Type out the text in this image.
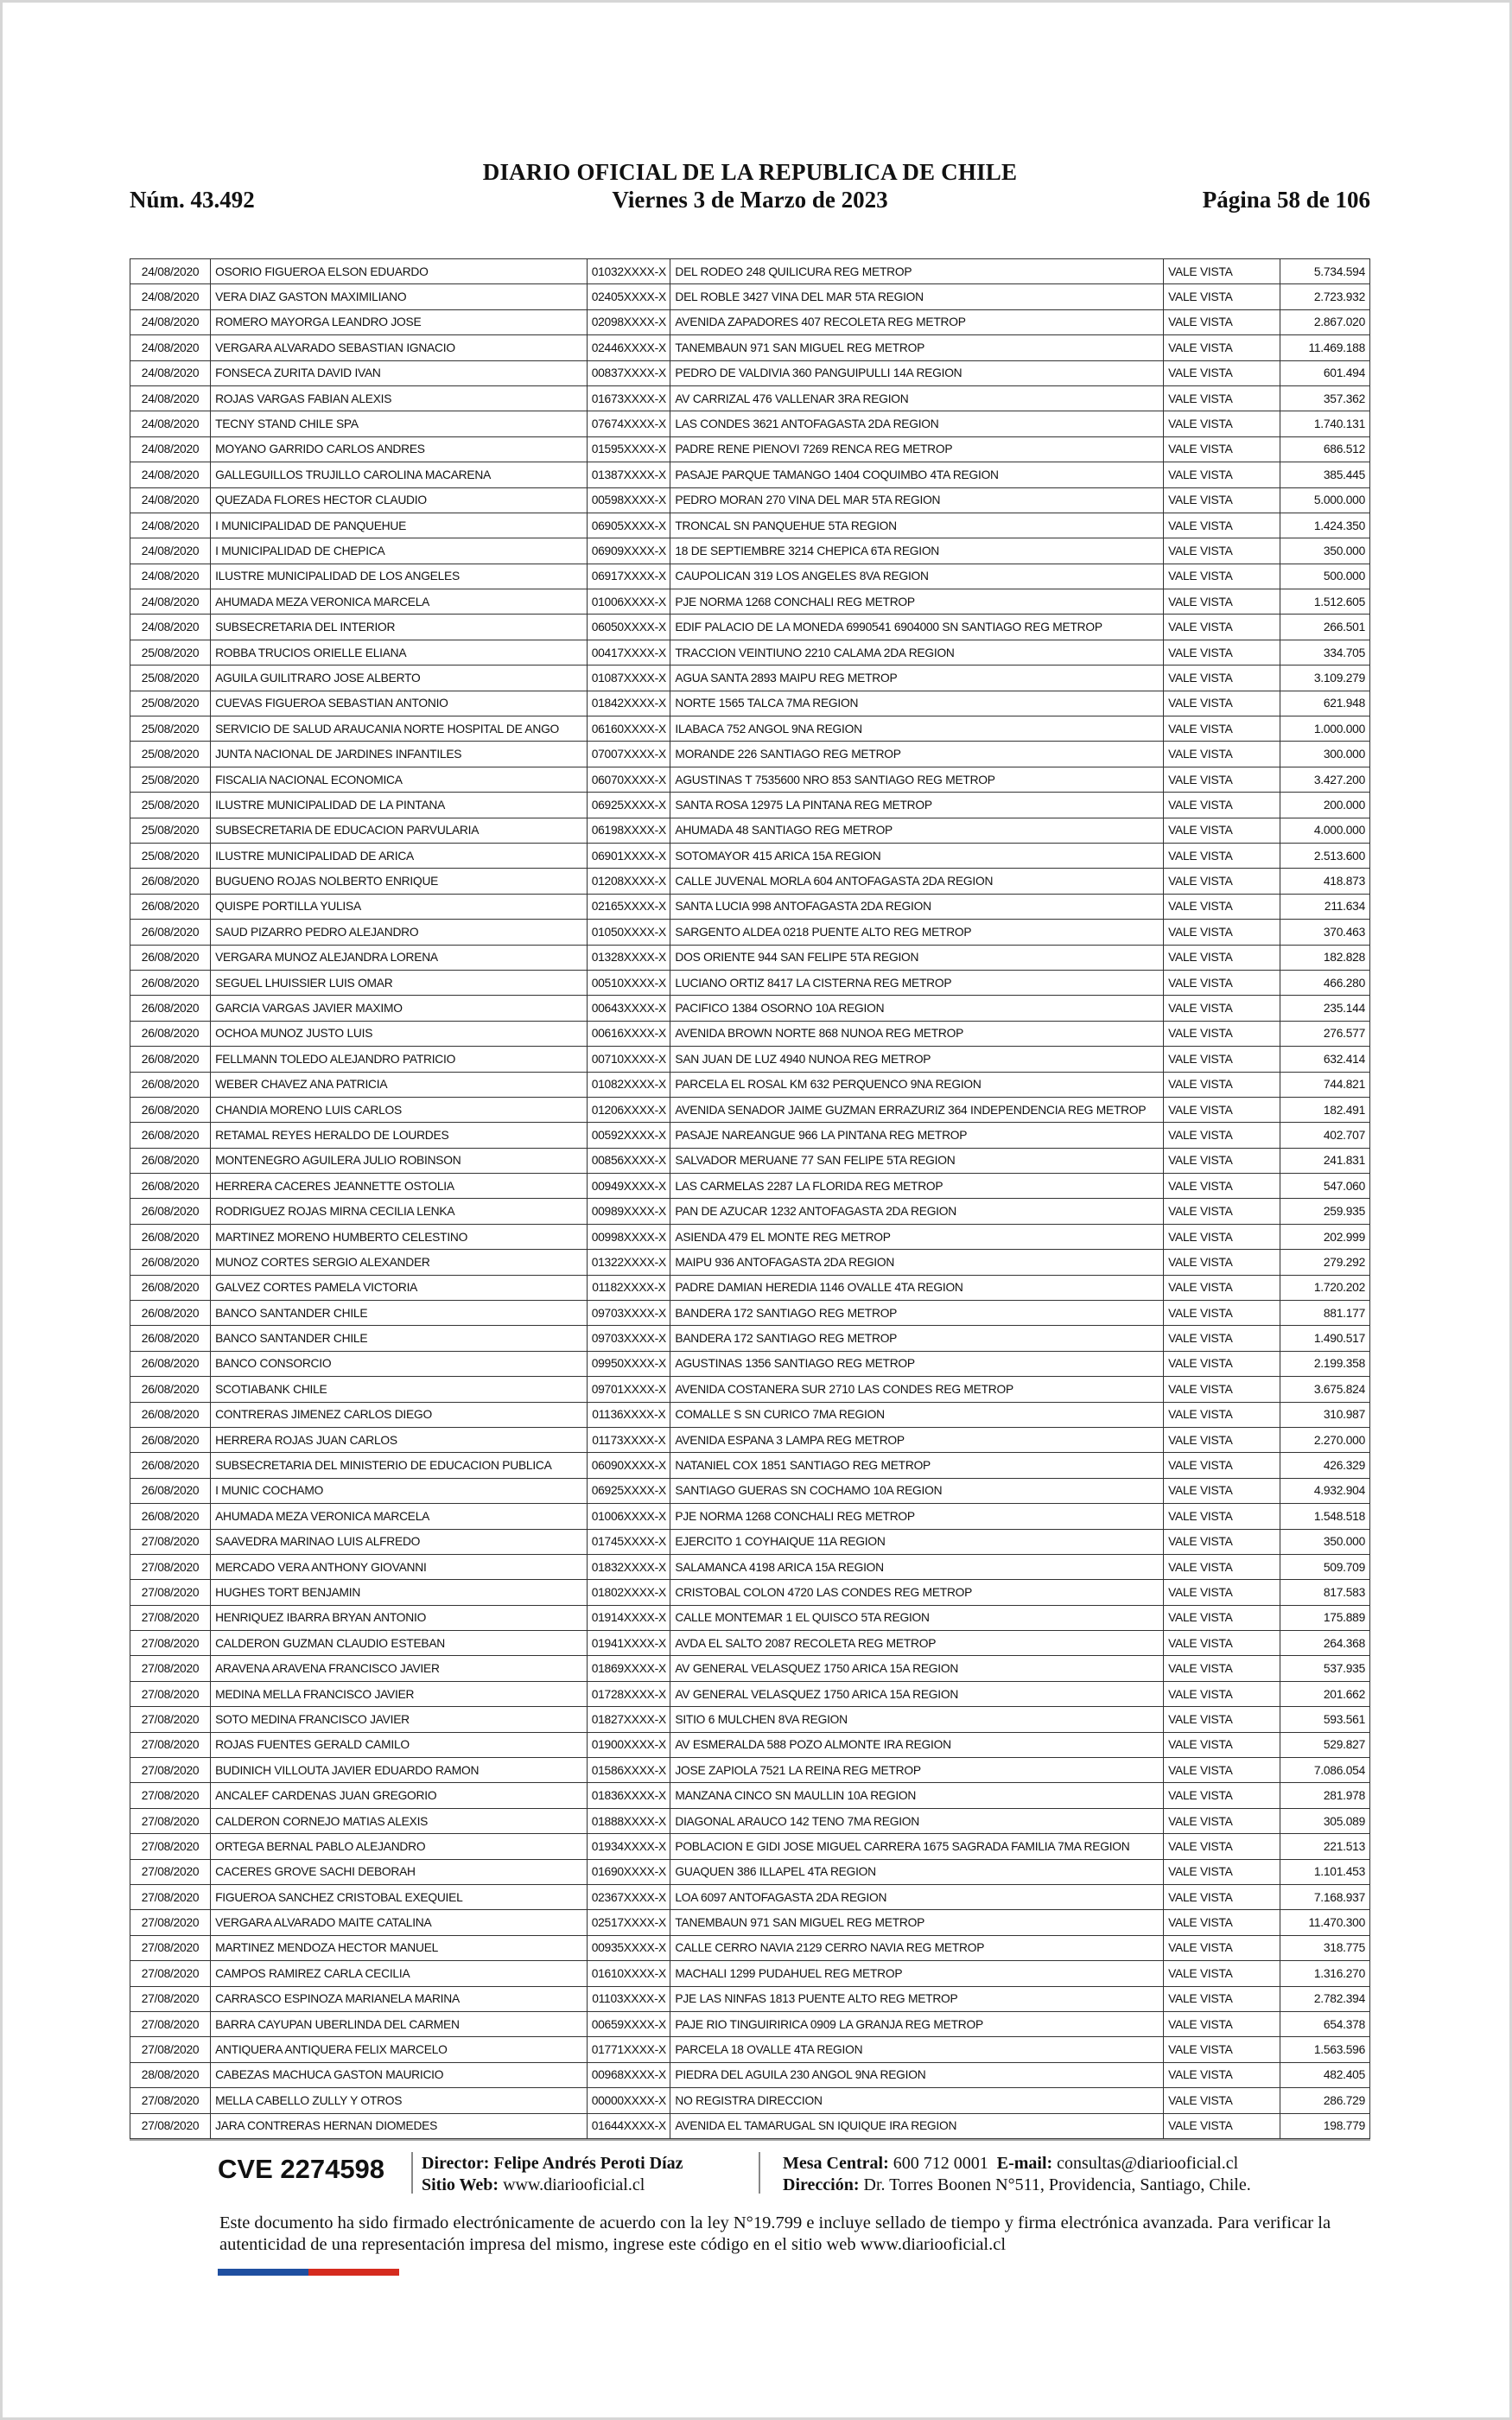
DIARIO OFICIAL DE LA REPUBLICA DE CHILE
Núm. 43.492	Viernes 3 de Marzo de 2023	Página 58 de 106
24/08/2020	OSORIO FIGUEROA ELSON EDUARDO	01032XXXX-X	DEL RODEO 248 QUILICURA REG METROP	VALE VISTA	5.734.594
24/08/2020	VERA DIAZ GASTON MAXIMILIANO	02405XXXX-X	DEL ROBLE 3427 VINA DEL MAR 5TA REGION	VALE VISTA	2.723.932
24/08/2020	ROMERO MAYORGA LEANDRO JOSE	02098XXXX-X	AVENIDA ZAPADORES 407 RECOLETA REG METROP	VALE VISTA	2.867.020
24/08/2020	VERGARA ALVARADO SEBASTIAN IGNACIO	02446XXXX-X	TANEMBAUN 971 SAN MIGUEL REG METROP	VALE VISTA	11.469.188
24/08/2020	FONSECA ZURITA DAVID IVAN	00837XXXX-X	PEDRO DE VALDIVIA 360 PANGUIPULLI 14A REGION	VALE VISTA	601.494
24/08/2020	ROJAS VARGAS FABIAN ALEXIS	01673XXXX-X	AV CARRIZAL 476 VALLENAR 3RA REGION	VALE VISTA	357.362
24/08/2020	TECNY STAND CHILE SPA	07674XXXX-X	LAS CONDES 3621 ANTOFAGASTA 2DA REGION	VALE VISTA	1.740.131
24/08/2020	MOYANO GARRIDO CARLOS ANDRES	01595XXXX-X	PADRE RENE PIENOVI 7269 RENCA REG METROP	VALE VISTA	686.512
24/08/2020	GALLEGUILLOS TRUJILLO CAROLINA MACARENA	01387XXXX-X	PASAJE PARQUE TAMANGO 1404 COQUIMBO 4TA REGION	VALE VISTA	385.445
24/08/2020	QUEZADA FLORES HECTOR CLAUDIO	00598XXXX-X	PEDRO MORAN 270 VINA DEL MAR 5TA REGION	VALE VISTA	5.000.000
24/08/2020	I MUNICIPALIDAD DE PANQUEHUE	06905XXXX-X	TRONCAL SN PANQUEHUE 5TA REGION	VALE VISTA	1.424.350
24/08/2020	I MUNICIPALIDAD DE CHEPICA	06909XXXX-X	18 DE SEPTIEMBRE 3214 CHEPICA 6TA REGION	VALE VISTA	350.000
24/08/2020	ILUSTRE MUNICIPALIDAD DE LOS ANGELES	06917XXXX-X	CAUPOLICAN 319 LOS ANGELES 8VA REGION	VALE VISTA	500.000
24/08/2020	AHUMADA MEZA VERONICA MARCELA	01006XXXX-X	PJE NORMA 1268 CONCHALI REG METROP	VALE VISTA	1.512.605
24/08/2020	SUBSECRETARIA DEL INTERIOR	06050XXXX-X	EDIF PALACIO DE LA MONEDA 6990541 6904000 SN SANTIAGO REG METROP	VALE VISTA	266.501
25/08/2020	ROBBA TRUCIOS ORIELLE ELIANA	00417XXXX-X	TRACCION VEINTIUNO 2210 CALAMA 2DA REGION	VALE VISTA	334.705
25/08/2020	AGUILA GUILITRARO JOSE ALBERTO	01087XXXX-X	AGUA SANTA 2893 MAIPU REG METROP	VALE VISTA	3.109.279
25/08/2020	CUEVAS FIGUEROA SEBASTIAN ANTONIO	01842XXXX-X	NORTE 1565 TALCA 7MA REGION	VALE VISTA	621.948
25/08/2020	SERVICIO DE SALUD ARAUCANIA NORTE HOSPITAL DE ANGO	06160XXXX-X	ILABACA 752 ANGOL 9NA REGION	VALE VISTA	1.000.000
25/08/2020	JUNTA NACIONAL DE JARDINES INFANTILES	07007XXXX-X	MORANDE 226 SANTIAGO REG METROP	VALE VISTA	300.000
25/08/2020	FISCALIA NACIONAL ECONOMICA	06070XXXX-X	AGUSTINAS T 7535600 NRO 853 SANTIAGO REG METROP	VALE VISTA	3.427.200
25/08/2020	ILUSTRE MUNICIPALIDAD DE LA PINTANA	06925XXXX-X	SANTA ROSA 12975 LA PINTANA REG METROP	VALE VISTA	200.000
25/08/2020	SUBSECRETARIA DE EDUCACION PARVULARIA	06198XXXX-X	AHUMADA 48 SANTIAGO REG METROP	VALE VISTA	4.000.000
25/08/2020	ILUSTRE MUNICIPALIDAD DE ARICA	06901XXXX-X	SOTOMAYOR 415 ARICA 15A REGION	VALE VISTA	2.513.600
26/08/2020	BUGUENO ROJAS NOLBERTO ENRIQUE	01208XXXX-X	CALLE JUVENAL MORLA 604 ANTOFAGASTA 2DA REGION	VALE VISTA	418.873
26/08/2020	QUISPE PORTILLA YULISA	02165XXXX-X	SANTA LUCIA 998 ANTOFAGASTA 2DA REGION	VALE VISTA	211.634
26/08/2020	SAUD PIZARRO PEDRO ALEJANDRO	01050XXXX-X	SARGENTO ALDEA 0218 PUENTE ALTO REG METROP	VALE VISTA	370.463
26/08/2020	VERGARA MUNOZ ALEJANDRA LORENA	01328XXXX-X	DOS ORIENTE 944 SAN FELIPE 5TA REGION	VALE VISTA	182.828
26/08/2020	SEGUEL LHUISSIER LUIS OMAR	00510XXXX-X	LUCIANO ORTIZ 8417 LA CISTERNA REG METROP	VALE VISTA	466.280
26/08/2020	GARCIA VARGAS JAVIER MAXIMO	00643XXXX-X	PACIFICO 1384 OSORNO 10A REGION	VALE VISTA	235.144
26/08/2020	OCHOA MUNOZ JUSTO LUIS	00616XXXX-X	AVENIDA BROWN NORTE 868 NUNOA REG METROP	VALE VISTA	276.577
26/08/2020	FELLMANN TOLEDO ALEJANDRO PATRICIO	00710XXXX-X	SAN JUAN DE LUZ 4940 NUNOA REG METROP	VALE VISTA	632.414
26/08/2020	WEBER CHAVEZ ANA PATRICIA	01082XXXX-X	PARCELA EL ROSAL KM 632 PERQUENCO 9NA REGION	VALE VISTA	744.821
26/08/2020	CHANDIA MORENO LUIS CARLOS	01206XXXX-X	AVENIDA SENADOR JAIME GUZMAN ERRAZURIZ 364 INDEPENDENCIA REG METROP	VALE VISTA	182.491
26/08/2020	RETAMAL REYES HERALDO DE LOURDES	00592XXXX-X	PASAJE NAREANGUE 966 LA PINTANA REG METROP	VALE VISTA	402.707
26/08/2020	MONTENEGRO AGUILERA JULIO ROBINSON	00856XXXX-X	SALVADOR MERUANE 77 SAN FELIPE 5TA REGION	VALE VISTA	241.831
26/08/2020	HERRERA CACERES JEANNETTE OSTOLIA	00949XXXX-X	LAS CARMELAS 2287 LA FLORIDA REG METROP	VALE VISTA	547.060
26/08/2020	RODRIGUEZ ROJAS MIRNA CECILIA LENKA	00989XXXX-X	PAN DE AZUCAR 1232 ANTOFAGASTA 2DA REGION	VALE VISTA	259.935
26/08/2020	MARTINEZ MORENO HUMBERTO CELESTINO	00998XXXX-X	ASIENDA 479 EL MONTE REG METROP	VALE VISTA	202.999
26/08/2020	MUNOZ CORTES SERGIO ALEXANDER	01322XXXX-X	MAIPU 936 ANTOFAGASTA 2DA REGION	VALE VISTA	279.292
26/08/2020	GALVEZ CORTES PAMELA VICTORIA	01182XXXX-X	PADRE DAMIAN HEREDIA 1146 OVALLE 4TA REGION	VALE VISTA	1.720.202
26/08/2020	BANCO SANTANDER CHILE	09703XXXX-X	BANDERA 172 SANTIAGO REG METROP	VALE VISTA	881.177
26/08/2020	BANCO SANTANDER CHILE	09703XXXX-X	BANDERA 172 SANTIAGO REG METROP	VALE VISTA	1.490.517
26/08/2020	BANCO CONSORCIO	09950XXXX-X	AGUSTINAS 1356 SANTIAGO REG METROP	VALE VISTA	2.199.358
26/08/2020	SCOTIABANK CHILE	09701XXXX-X	AVENIDA COSTANERA SUR 2710 LAS CONDES REG METROP	VALE VISTA	3.675.824
26/08/2020	CONTRERAS JIMENEZ CARLOS DIEGO	01136XXXX-X	COMALLE S SN CURICO 7MA REGION	VALE VISTA	310.987
26/08/2020	HERRERA ROJAS JUAN CARLOS	01173XXXX-X	AVENIDA ESPANA 3 LAMPA REG METROP	VALE VISTA	2.270.000
26/08/2020	SUBSECRETARIA DEL MINISTERIO DE EDUCACION PUBLICA	06090XXXX-X	NATANIEL COX 1851 SANTIAGO REG METROP	VALE VISTA	426.329
26/08/2020	I MUNIC COCHAMO	06925XXXX-X	SANTIAGO GUERAS SN COCHAMO 10A REGION	VALE VISTA	4.932.904
26/08/2020	AHUMADA MEZA VERONICA MARCELA	01006XXXX-X	PJE NORMA 1268 CONCHALI REG METROP	VALE VISTA	1.548.518
27/08/2020	SAAVEDRA MARINAO LUIS ALFREDO	01745XXXX-X	EJERCITO 1 COYHAIQUE 11A REGION	VALE VISTA	350.000
27/08/2020	MERCADO VERA ANTHONY GIOVANNI	01832XXXX-X	SALAMANCA 4198 ARICA 15A REGION	VALE VISTA	509.709
27/08/2020	HUGHES TORT BENJAMIN	01802XXXX-X	CRISTOBAL COLON 4720 LAS CONDES REG METROP	VALE VISTA	817.583
27/08/2020	HENRIQUEZ IBARRA BRYAN ANTONIO	01914XXXX-X	CALLE MONTEMAR 1 EL QUISCO 5TA REGION	VALE VISTA	175.889
27/08/2020	CALDERON GUZMAN CLAUDIO ESTEBAN	01941XXXX-X	AVDA EL SALTO 2087 RECOLETA REG METROP	VALE VISTA	264.368
27/08/2020	ARAVENA ARAVENA FRANCISCO JAVIER	01869XXXX-X	AV GENERAL VELASQUEZ 1750 ARICA 15A REGION	VALE VISTA	537.935
27/08/2020	MEDINA MELLA FRANCISCO JAVIER	01728XXXX-X	AV GENERAL VELASQUEZ 1750 ARICA 15A REGION	VALE VISTA	201.662
27/08/2020	SOTO MEDINA FRANCISCO JAVIER	01827XXXX-X	SITIO 6 MULCHEN 8VA REGION	VALE VISTA	593.561
27/08/2020	ROJAS FUENTES GERALD CAMILO	01900XXXX-X	AV ESMERALDA 588 POZO ALMONTE IRA REGION	VALE VISTA	529.827
27/08/2020	BUDINICH VILLOUTA JAVIER EDUARDO RAMON	01586XXXX-X	JOSE ZAPIOLA 7521 LA REINA REG METROP	VALE VISTA	7.086.054
27/08/2020	ANCALEF CARDENAS JUAN GREGORIO	01836XXXX-X	MANZANA CINCO SN MAULLIN 10A REGION	VALE VISTA	281.978
27/08/2020	CALDERON CORNEJO MATIAS ALEXIS	01888XXXX-X	DIAGONAL ARAUCO 142 TENO 7MA REGION	VALE VISTA	305.089
27/08/2020	ORTEGA BERNAL PABLO ALEJANDRO	01934XXXX-X	POBLACION E GIDI JOSE MIGUEL CARRERA 1675 SAGRADA FAMILIA 7MA REGION	VALE VISTA	221.513
27/08/2020	CACERES GROVE SACHI DEBORAH	01690XXXX-X	GUAQUEN 386 ILLAPEL 4TA REGION	VALE VISTA	1.101.453
27/08/2020	FIGUEROA SANCHEZ CRISTOBAL EXEQUIEL	02367XXXX-X	LOA 6097 ANTOFAGASTA 2DA REGION	VALE VISTA	7.168.937
27/08/2020	VERGARA ALVARADO MAITE CATALINA	02517XXXX-X	TANEMBAUN 971 SAN MIGUEL REG METROP	VALE VISTA	11.470.300
27/08/2020	MARTINEZ MENDOZA HECTOR MANUEL	00935XXXX-X	CALLE CERRO NAVIA 2129 CERRO NAVIA REG METROP	VALE VISTA	318.775
27/08/2020	CAMPOS RAMIREZ CARLA CECILIA	01610XXXX-X	MACHALI 1299 PUDAHUEL REG METROP	VALE VISTA	1.316.270
27/08/2020	CARRASCO ESPINOZA MARIANELA MARINA	01103XXXX-X	PJE LAS NINFAS 1813 PUENTE ALTO REG METROP	VALE VISTA	2.782.394
27/08/2020	BARRA CAYUPAN UBERLINDA DEL CARMEN	00659XXXX-X	PAJE RIO TINGUIRIRICA 0909 LA GRANJA REG METROP	VALE VISTA	654.378
27/08/2020	ANTIQUERA ANTIQUERA FELIX MARCELO	01771XXXX-X	PARCELA 18 OVALLE 4TA REGION	VALE VISTA	1.563.596
28/08/2020	CABEZAS MACHUCA GASTON MAURICIO	00968XXXX-X	PIEDRA DEL AGUILA 230 ANGOL 9NA REGION	VALE VISTA	482.405
27/08/2020	MELLA CABELLO ZULLY Y OTROS	00000XXXX-X	NO REGISTRA DIRECCION	VALE VISTA	286.729
27/08/2020	JARA CONTRERAS HERNAN DIOMEDES	01644XXXX-X	AVENIDA EL TAMARUGAL SN IQUIQUE IRA REGION	VALE VISTA	198.779
CVE 2274598 Director: Felipe Andrés Peroti Díaz
Sitio Web: www.diariooficial.cl
Mesa Central: 600 712 0001 E-mail: consultas@diariooficial.cl
Dirección: Dr. Torres Boonen N°511, Providencia, Santiago, Chile.
Este documento ha sido firmado electrónicamente de acuerdo con la ley N°19.799 e incluye sellado de tiempo y firma electrónica avanzada. Para verificar la autenticidad de una representación impresa del mismo, ingrese este código en el sitio web www.diariooficial.cl
